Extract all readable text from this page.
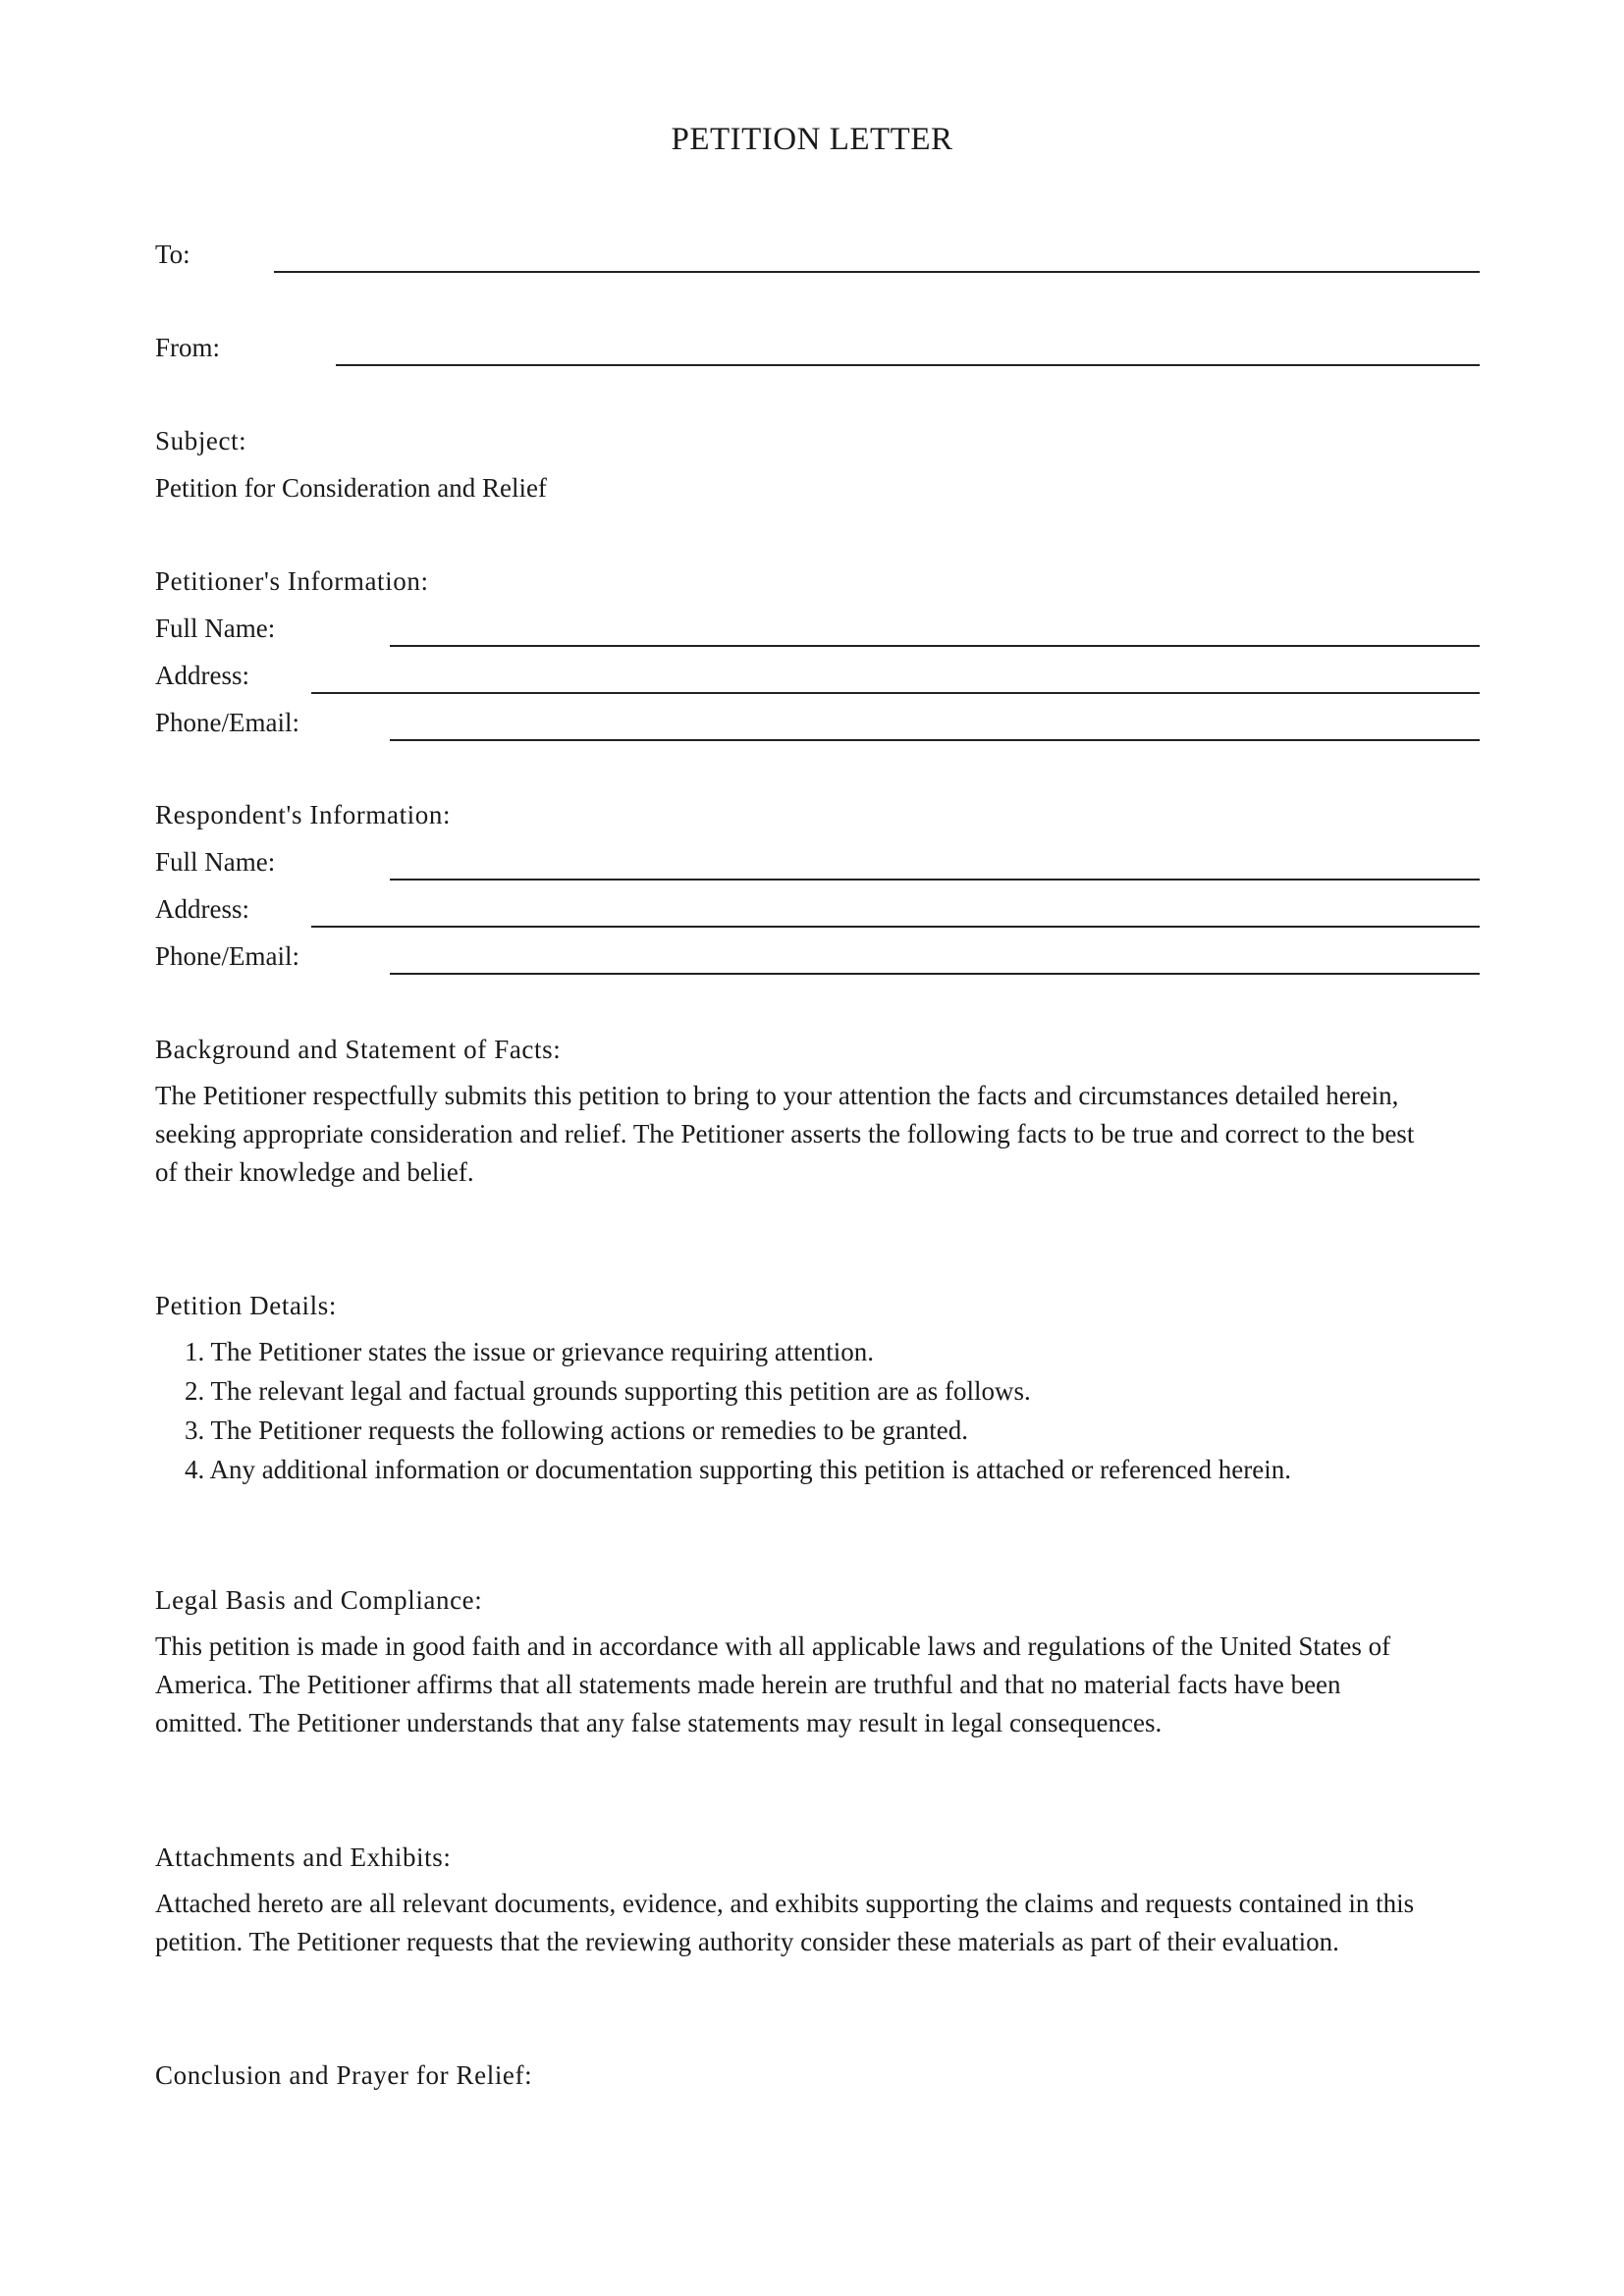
PETITION LETTER
To:
From:
Subject:
Petition for Consideration and Relief
Petitioner's Information:
Full Name:
Address:
Phone/Email:
Respondent's Information:
Full Name:
Address:
Phone/Email:
Background and Statement of Facts:
The Petitioner respectfully submits this petition to bring to your attention the facts and circumstances detailed herein,
seeking appropriate consideration and relief. The Petitioner asserts the following facts to be true and correct to the best
of their knowledge and belief.
Petition Details:
1. The Petitioner states the issue or grievance requiring attention.
2. The relevant legal and factual grounds supporting this petition are as follows.
3. The Petitioner requests the following actions or remedies to be granted.
4. Any additional information or documentation supporting this petition is attached or referenced herein.
Legal Basis and Compliance:
This petition is made in good faith and in accordance with all applicable laws and regulations of the United States of
America. The Petitioner affirms that all statements made herein are truthful and that no material facts have been
omitted. The Petitioner understands that any false statements may result in legal consequences.
Attachments and Exhibits:
Attached hereto are all relevant documents, evidence, and exhibits supporting the claims and requests contained in this
petition. The Petitioner requests that the reviewing authority consider these materials as part of their evaluation.
Conclusion and Prayer for Relief:
